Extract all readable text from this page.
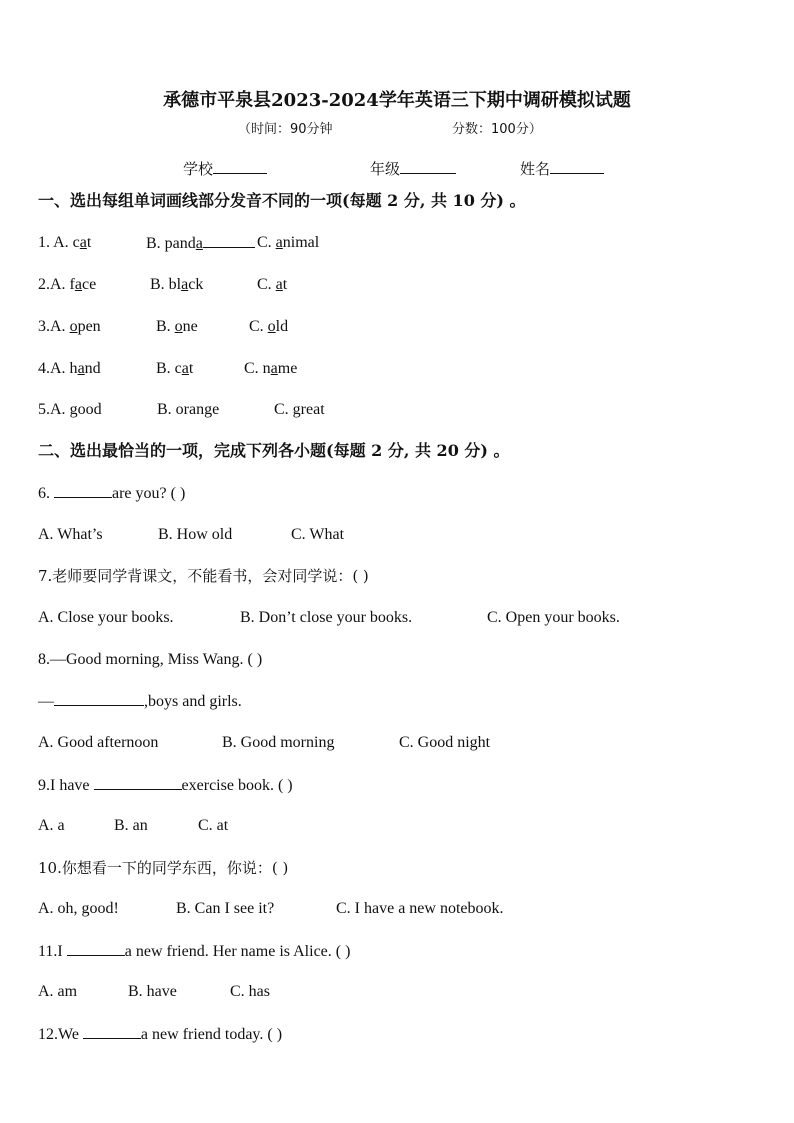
承德市平泉县2023-2024学年英语三下期中调研模拟试题
（时间：90分钟	分数：100分）
学校	年级	姓名
一、选出每组单词画线部分发音不同的一项(每题 2 分, 共 10 分) 。
1. A. cat	B. panda	C. animal
2.A. face	B. black	C. at
3.A. open	B. one	C. old
4.A. hand	B. cat	C. name
5.A. good	B. orange	C. great
二、选出最恰当的一项，完成下列各小题(每题 2 分, 共 20 分) 。
6.	are you? ( )
A. What’s	B. How old	C. What
7.老师要同学背课文，不能看书，会对同学说：( )
A. Close your books.	B. Don’t close your books.	C. Open your books.
8.—Good morning, Miss Wang. ( )
—	,boys and girls.
A. Good afternoon	B. Good morning	C. Good night
9.I have	exercise book. ( )
A. a	B. an	C. at
10.你想看一下的同学东西，你说：( )
A. oh, good!	B. Can I see it?	C. I have a new notebook.
11.I	a new friend. Her name is Alice. ( )
A. am	B. have	C. has
12.We	a new friend today. ( )
